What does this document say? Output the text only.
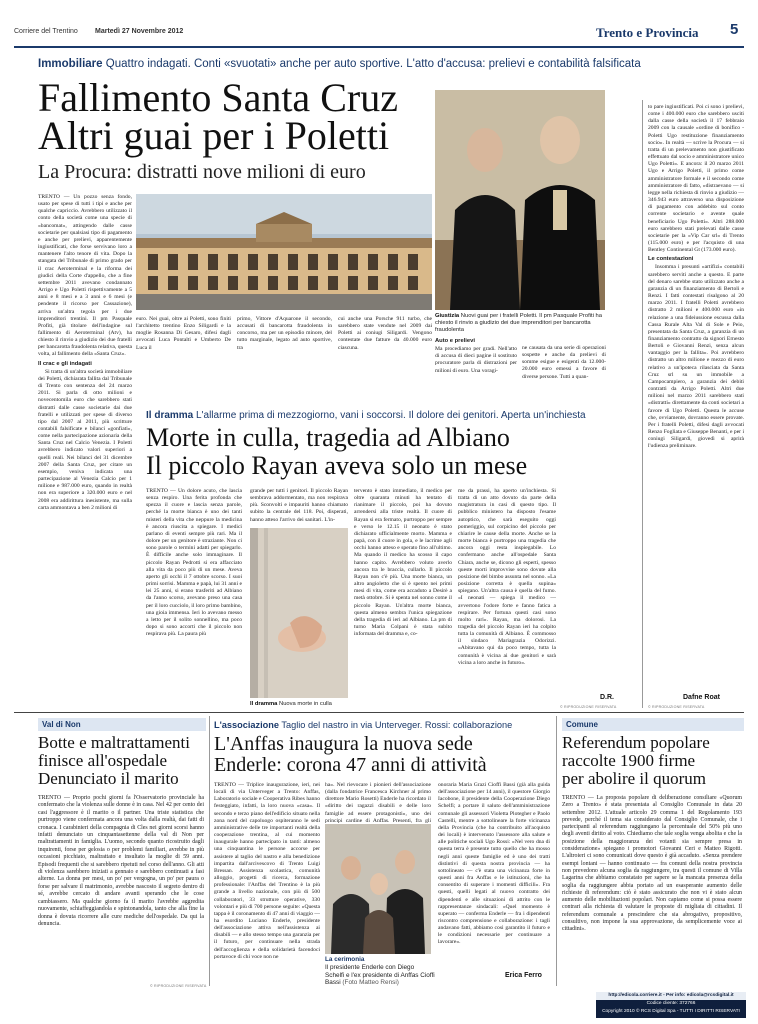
Corriere del Trentino Martedì 27 Novembre 2012	Trento e Provincia 5
Immobiliare Quattro indagati. Conti «svuotati» anche per auto sportive. L'atto d'accusa: prelievi e contabilità falsificata
Fallimento Santa Cruz
Altri guai per i Poletti
La Procura: distratti nove milioni di euro

TRENTO — Un pozzo senza fondo, usato per spese di tutti i tipi e anche per qualche capriccio. Avrebbero utilizzato il conto della società come una specie di «bancomat», attingendo dalle casse societarie per qualsiasi tipo di pagamento e anche per prelievi, apparentemente ingiustificati, che forse servivano loro a mantenere l'alto tenore di vita. Dopo la stangata del Tribunale di primo grado per il crac Aeroterminal e la riforma dei giudici della Corte d'appello, che a fine settembre 2011 avevano condannato Arrigo e Ugo Poletti rispettivamente a 5 anni e 8 mesi e a 3 anni e 6 mesi (e pendente il ricorso per Cassazione), arriva un'altra tegola per i due imprenditori trentini. Il pm Pasquale Profiti, già titolare dell'indagine sul fallimento di Aeroterminal (Atv), ha chiesto il rinvio a giudizio dei due fratelli per bancarotta fraudolenta relativa, questa volta, al fallimento della «Santa Cruz».

Il crac e gli indagati

Si tratta di un'altra società immobiliare dei Poletti, dichiarata fallita dal Tribunale di Trento con sentenza del 24 marzo 2011. Si parla di otto milioni e novecentomila euro che sarebbero stati distratti dalle casse societarie dai due fratelli e utilizzati per spese di diverso tipo dal 2007 al 2011, più scritture contabili falsificate e bilanci «gonfiati», come nella partecipazione azionaria della Santa Cruz nel Calcio Venezia. I Poletti avrebbero indicato valori superiori a quelli reali. Nei bilanci del 31 dicembre 2007 della Santa Cruz, per citare un esempio, veniva indicata una partecipazione al Venezia Calcio per 1 milione e 987.000 euro, quando in realtà non era superiore a 320.000 euro e nel 2008 era addirittura inesistente, ma sulla carta ammontava a ben 2 milioni di

euro. Nei guai, oltre ai Poletti, sono finiti l'architetto trentino Enzo Siligardi e la moglie Rosanna Di Gesaro, difesi dagli avvocati Luca Pontalti e Umberto De Luca il

primo, Vittore d'Aquarone il secondo, accusati di bancarotta fraudolenta in concorso, ma per un episodio minore, del tutto marginale, legato ad auto sportive, tra

cui anche una Porsche 911 turbo, che sarebbero state vendute nel 2009 dai Poletti ai coniugi Siligardi. Vengono contestate due fatture da 40.000 euro ciascuna.

Giustizia Nuovi guai per i fratelli Poletti. Il pm Pasquale Profiti ha chiesto il rinvio a giudizio dei due imprenditori per bancarotta fraudolenta
Auto e prelievi

Ma procediamo per gradi. Nell'atto di accusa di dieci pagine il sostituto procuratore parla di distrazioni per milioni di euro. Una voragi-

ne causata da una serie di operazioni sospette e anche da prelievi di somme esigue e esigenti da 12.000-20.000 euro emessi a favore di diverse persone. Tutti a quan-

to pare ingiustificati. Poi ci sono i prelievi, come i 400.000 euro che sarebbero usciti dalla casse della società il 17 febbraio 2009 con la causale «ordine di bonifico - Poletti Ugo restituzione finanziamento socio». In realtà — scrive la Procura — si tratta di un prelevamento non giustificato effettuato dal socio e amministratore unico Ugo Poletti». E ancora: il 20 marzo 2011 Ugo e Arrigo Poletti, il primo come amministratore formale e il secondo come amministratore di fatto, «distraevano — si legge nella richiesta di rinvio a giudizio — 346.943 euro attraverso una disposizione di pagamento con addebito sul conto corrente societario e avente quale beneficiario Ugo Poletti». Altri 288.000 euro sarebbero stati prelevati dalle casse societarie per la «Vip Car srl» di Trento (115.000 euro) e per l'acquisto di una Bentley Continental Gt (173.000 euro).

Le contestazioni

Insomma i presunti «artifizi» contabili sarebbero serviti anche a questo. E parte del denaro sarebbe stato utilizzato anche a garanzia di un finanziamento di Bertoli e Renzi. I fatti contestati risalgono al 20 marzo 2011. I fratelli Poletti avrebbero distratto 2 milioni e 400.000 euro «in relazione a una fideiussione escussa dalla Cassa Rurale Alta Val di Sole e Peio, presentata da Santa Cruz, a garanzia di un finanziamento contratto da signori Ernesto Bertoli e Giovanni Renzi, senza alcun vantaggio per la fallita». Poi avrebbero distratto un altro milione e mezzo di euro relativo a un'ipoteca rilasciata da Santa Cruz srl su un immobile a Campocampiero, a garanzia dei debiti contratti da Arrigo Poletti. Altri due milioni nel marzo 2011 sarebbero stati «distratti» direttamente da conti societari a favore di Ugo Poletti. Questa le accuse che, ovviamente, dovranno essere provate. Per i fratelli Poletti, difesi dagli avvocati Renzo Fogliata e Giuseppe Benanti, e per i coniugi Siligardi, giovedì si aprirà l'udienza preliminare.

Dafne Roat
© RIPRODUZIONE RISERVATA
Il dramma L'allarme prima di mezzogiorno, vani i soccorsi. Il dolore dei genitori. Aperta un'inchiesta
Morte in culla, tragedia ad Albiano
Il piccolo Rayan aveva solo un mese

TRENTO — Un dolore acuto, che lascia senza respiro. Una ferita profonda che spezza il cuore e lascia senza parole, perché la morte bianca è uno dei tanti misteri della vita che neppure la medicina è ancora riuscita a spiegare. I medici parlano di eventi sempre più rari. Ma il dolore per un genitore è straziante. Non ci sono parole o termini adatti per spiegarlo. È difficile anche solo immaginare. Il piccolo Rayan Pedrotti si era affacciato alla vita da poco più di un mese. Aveva aperto gli occhi il 7 ottobre scorso. I suoi primi sorrisi. Mamma e papà, lui 31 anni e lei 25 anni, si erano trasferiti ad Albiano da l'anno scorso, avevano preso una casa per il loro cucciolo, il loro primo bambino, una gioia immensa. Ieri lo avevano messo a letto per il solito sonnellino, ma poco dopo si sono accorti che il piccolo non respirava più. La paura più

grande per tutti i genitori. Il piccolo Rayan sembrava addormentato, ma non respirava più. Sconvolti e impauriti hanno chiamato subito la centrale del 118. Poi, disperati, hanno atteso l'arrivo dei sanitari. L'in-

Il dramma Nuova morte in culla

tervento è stato immediato, il medico per oltre quaranta minuti ha tentato di rianimare il piccolo, poi ha dovuto arrendersi alla triste realtà. Il cuore di Rayan si era fermato, purtroppo per sempre e verso le 12.15 il neonato è stato dichiarato ufficialmente morto. Mamma e papà, con il cuore in gola, e le lacrime agli occhi hanno atteso e sperato fino all'ultimo. Ma quando il medico ha scosso il capo hanno capito. Avrebbero voluto averlo ancora tra le braccia, cullarlo. Il piccolo Rayan non c'è più. Una morte bianca, un altro angioletto che si è spento nei primi mesi di vita, come era accaduto a Desirè a metà ottobre. Si è spenta nel sonno come il piccolo Rayan. Un'altra morte bianca, questa almeno sembra l'unica spiegazione della tragedia di ieri ad Albiano. La pm di turno Maria Colpani è stata subito informata del dramma e, co-

me da prassi, ha aperto un'inchiesta. Si tratta di un atto dovuto da parte della magistratura in casi di questo tipo. Il pubblico ministero ha disposto l'esame autoptico, che sarà eseguito oggi pomeriggio, sul corpicino del piccolo per chiarire le cause della morte. Anche se la morte bianca è purtroppo una tragedia che ancora oggi resta inspiegabile. Lo confermano anche all'ospedale Santa Chiara, anche se, dicono gli esperti, spesso queste morti improvvise sono dovute alla posizione del bimbo assunta nel sonno. «La posizione corretta è quella supina» spiegano. Un'altra causa è quella del fumo. «I neonati — spiega il medico — avvertono l'odore forte e fanno fatica a respirare. Per fortuna questi casi sono molto rari». Rayan, ma dolorosi. La tragedia del piccolo Rayan ieri ha colpito tutta la comunità di Albiano. È commosso il sindaco Mariagrazia Odorizzi. «Abitavano qui da poco tempo, tutta la comunità è vicina ai due genitori e sarà vicina a loro anche in futuro».

D.R.
© RIPRODUZIONE RISERVATA
Val di Non
Botte e maltrattamenti
finisce all'ospedale
Denunciato il marito

TRENTO — Proprio pochi giorni fa l'Osservatorio provinciale ha confermato che la violenza sulle donne è in casa. Nel 42 per cento dei casi l'aggressore è il marito o il partner. Una triste statistica che purtroppo viene confermata ancora una volta dalla realtà, dai fatti di cronaca. I carabinieri della compagnia di Cles nei giorni scorsi hanno infatti denunciato un cinquantasettenne della val di Non per maltrattamenti in famiglia. L'uomo, secondo quanto ricostruito dagli inquirenti, forse per gelosia o per problemi familiari, avrebbe in più occasioni picchiato, maltrattato e insultato la moglie di 59 anni. Episodi frequenti che si sarebbero ripetuti nel corso dell'anno. Gli atti di violenza sarebbero iniziati a gennaio e sarebbero continuati a fasi alterne. La donna per mesi, un po' per vergogna, un po' per paura o forse per salvare il matrimonio, avrebbe nascosto il segreto dentro di sé, avrebbe cercato di andare avanti sperando che le cose cambiassero. Ma qualche giorno fa il marito l'avrebbe aggredita nuovamente, schiaffeggiandola e spintonandola, tanto che alla fine la donna è dovuta ricorrere alle cure mediche dell'ospedale. Da qui la denuncia.

© RIPRODUZIONE RISERVATA
L'associazione Taglio del nastro in via Unterveger. Rossi: collaborazione
L'Anffas inaugura la nuova sede
Enderle: corona 47 anni di attività

TRENTO — Triplice inaugurazione, ieri, nei locali di via Unterveger a Trento: Anffas, Laboratorio sociale e Cooperativa Ribes hanno festeggiato, infatti, la loro nuova «casa». Il secondo e terzo piano dell'edificio situato nella zona nord del capoluogo ospiteranno le sedi amministrative delle tre importanti realtà della cooperazione trentina, al cui momento inaugurale hanno partecipato in tanti: almeno una cinquantina le persone accorse per assistere al taglio del nastro e alla benedizione impartita dall'arcivescovo di Trento Luigi Bressan. Assistenza scolastica, comunità alloggio, progetti di ricerca, formazione professionale: l'Anffas del Trentino è la più grande a livello nazionale, con più di 500 collaboratori, 33 strutture operative, 330 volontari e più di 700 persone seguite: «Questa tappa è il coronamento di 47 anni di viaggio — ha esordito Luciano Enderle, presidente dell'associazione attiva nell'assistenza ai disabili — e allo stesso tempo una garanzia per il futuro, per continuare nella strada dell'accoglienza e della solidarietà facendoci portavoce di chi voce non ne

ha». Nel rievocare i pionieri dell'associazione (dalla fondatrice Francesca Kirchner al primo direttore Mario Rosetti) Enderle ha ricordato il «diritto dei ragazzi disabili e delle loro famiglie ad essere protagonisti», uno dei principi cardine di Anffas. Presenti, fra gli

La cerimonia
Il presidente Enderle con Diego Schelfi e l'ex presidente di Anffas Cioffi Bassi (Foto Matteo Rensi)

onoraria Maria Grazi Cioffi Bassi (già alla guida dell'associazione per 14 anni), il questore Giorgio Iacobone, il presidente della Cooperazione Diego Schelfi; a portare il saluto dell'amministrazione comunale gli assessori Violetta Plotegher e Paolo Castelli, mentre a sottolineare la forte vicinanza della Provincia (che ha contribuito all'acquisto dei locali) è intervenuto l'assessore alla salute e alle politiche sociali Ugo Rossi: «Nel vero dna di questa terra è presente tutto quello che ha mosso negli anni queste famiglie ed è uno dei tratti distintivi di questa nostra provincia — ha sottolineato — c'è stata una vicinanza forte in questi anni fra Anffas e le istituzioni, che ha consentito di superare i momenti difficili». Fra questi, quelli legati al nuovo contratto dei dipendenti e alle situazioni di attrito con le rappresentanze sindacali: «Quel momento è superato — conferma Enderle — fra i dipendenti riscontro comprensione e collaborazione: i tagli andavano fatti, abbiamo così garantito il futuro e le condizioni necessarie per continuare a lavorare».

Erica Ferro
Comune
Referendum popolare
raccolte 1900 firme
per abolire il quorum

TRENTO — La proposta popolare di deliberazione consiliare «Quorum Zero a Trento» è stata presentata al Consiglio Comunale in data 20 settembre 2012. L'attuale articolo 29 comma 1 del Regolamento 193 prevede, perché il tema sia considerato dal Consiglio Comunale, che i partecipanti al referendum raggiungano la percentuale del 50% più uno degli aventi diritto al voto. Chiediamo che tale soglia venga abolita e che la posizione della maggioranza dei votanti sia sempre presa in considerazione» spiegano i promotori Giovanni Ceri e Matteo Rigotti. L'altroieri ci sono comunicati dove questo è già accaduto. «Senza prendere esempi lontani — hanno continuato — fra comuni della nostra provincia non prevedono alcuna soglia da raggiungere, tra questi il comune di Villa Lagarina che abbiamo constatato per sapere se la mancata presenza della soglia da raggiungere abbia portato ad un esasperante aumento delle richieste di referendum: ciò è stato assicurato che non vi è stato alcun aumento delle mobilitazioni popolari. Non capiamo come si possa essere contrari alla richiesta di valutare le proposte di migliaia di cittadini. Il referendum comunale a prescindere che sia abrogativo, propositivo, consultivo, non impone la sua approvazione, da semplicemente voce ai cittadini».

http://edicola.corriere.it - Per info: edicola@rcsdigital.it
Codice cliente: 372766
Copyright 2010 © RCS Digital Spa - TUTTI I DIRITTI RISERVATI
